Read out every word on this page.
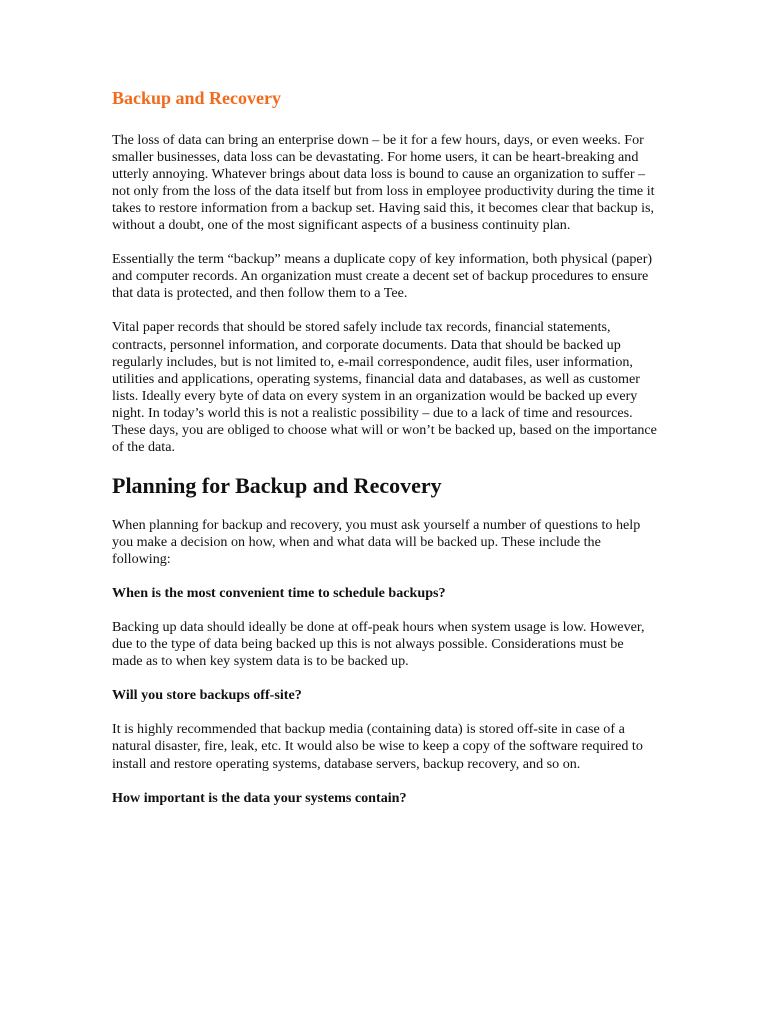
Backup and Recovery

The loss of data can bring an enterprise down – be it for a few hours, days, or even weeks. For smaller businesses, data loss can be devastating. For home users, it can be heart-breaking and utterly annoying. Whatever brings about data loss is bound to cause an organization to suffer – not only from the loss of the data itself but from loss in employee productivity during the time it takes to restore information from a backup set. Having said this, it becomes clear that backup is, without a doubt, one of the most significant aspects of a business continuity plan.

Essentially the term “backup” means a duplicate copy of key information, both physical (paper) and computer records. An organization must create a decent set of backup procedures to ensure that data is protected, and then follow them to a Tee.

Vital paper records that should be stored safely include tax records, financial statements, contracts, personnel information, and corporate documents. Data that should be backed up regularly includes, but is not limited to, e-mail correspondence, audit files, user information, utilities and applications, operating systems, financial data and databases, as well as customer lists. Ideally every byte of data on every system in an organization would be backed up every night. In today’s world this is not a realistic possibility – due to a lack of time and resources. These days, you are obliged to choose what will or won’t be backed up, based on the importance of the data.

Planning for Backup and Recovery

When planning for backup and recovery, you must ask yourself a number of questions to help you make a decision on how, when and what data will be backed up. These include the following:

When is the most convenient time to schedule backups?

Backing up data should ideally be done at off-peak hours when system usage is low. However, due to the type of data being backed up this is not always possible. Considerations must be made as to when key system data is to be backed up.

Will you store backups off-site?

It is highly recommended that backup media (containing data) is stored off-site in case of a natural disaster, fire, leak, etc. It would also be wise to keep a copy of the software required to install and restore operating systems, database servers, backup recovery, and so on.

How important is the data your systems contain?
